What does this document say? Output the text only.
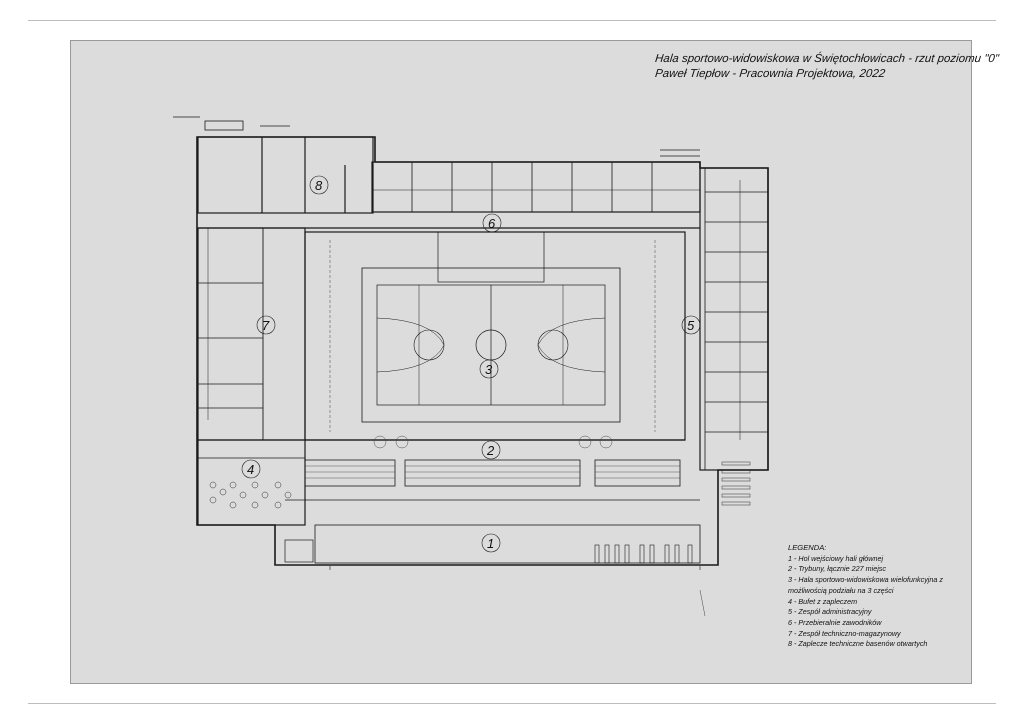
1
2
3
4
5
6
7
8
Hala sportowo-widowiskowa w Świętochłowicach - rzut poziomu "0"
Paweł Tiepłow - Pracownia Projektowa, 2022
LEGENDA:
1 - Hol wejściowy hali głównej
2 - Trybuny, łącznie 227 miejsc
3 - Hala sportowo-widowiskowa wielofunkcyjna z możliwością podziału na 3 części
4 - Bufet z zapleczem
5 - Zespół administracyjny
6 - Przebieralnie zawodników
7 - Zespół techniczno-magazynowy
8 - Zaplecze techniczne basenów otwartych
